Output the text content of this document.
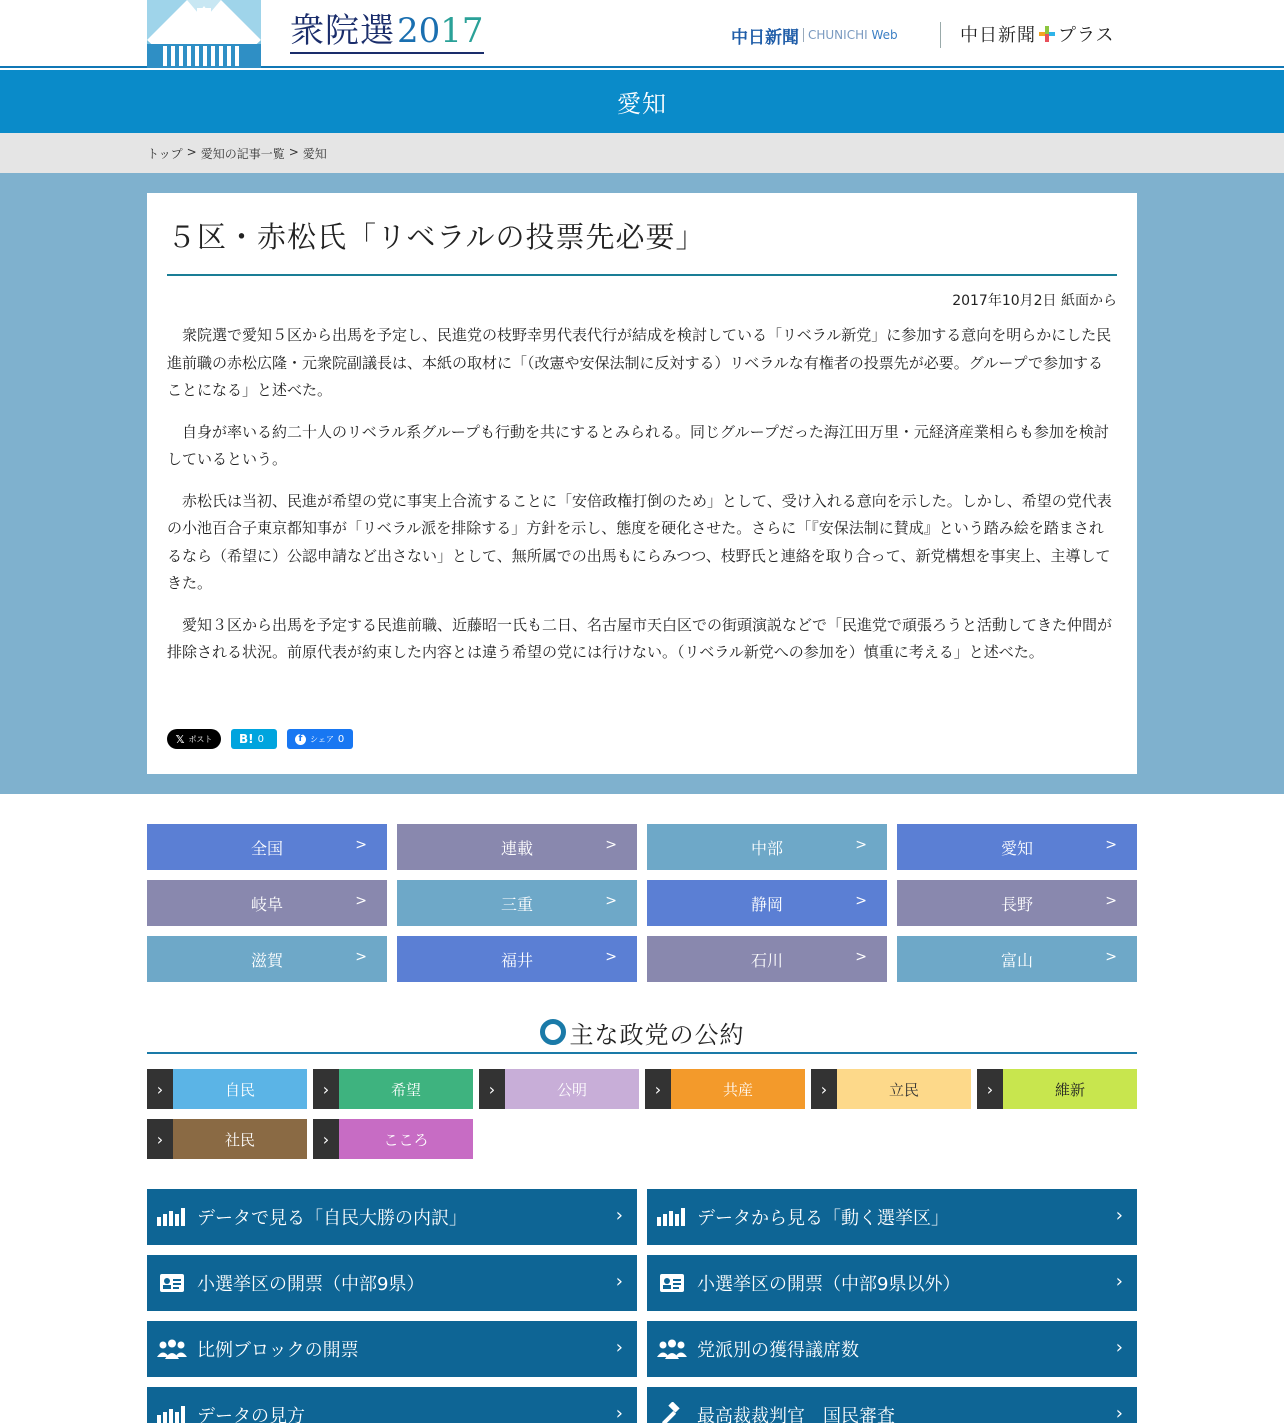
衆院選 2017	中日新聞 CHUNICHI Web	中日新聞 プラス
愛知
トップ > 愛知の記事一覧 > 愛知
５区・赤松氏「リベラルの投票先必要」
2017年10月2日 紙面から

衆院選で愛知５区から出馬を予定し、民進党の枝野幸男代表代行が結成を検討している「リベラル新党」に参加する意向を明らかにした民進前職の赤松広隆・元衆院副議長は、本紙の取材に「（改憲や安保法制に反対する）リベラルな有権者の投票先が必要。グループで参加することになる」と述べた。

自身が率いる約二十人のリベラル系グループも行動を共にするとみられる。同じグループだった海江田万里・元経済産業相らも参加を検討しているという。

赤松氏は当初、民進が希望の党に事実上合流することに「安倍政権打倒のため」として、受け入れる意向を示した。しかし、希望の党代表の小池百合子東京都知事が「リベラル派を排除する」方針を示し、態度を硬化させた。さらに「『安保法制に賛成』という踏み絵を踏まされるなら（希望に）公認申請など出さない」として、無所属での出馬もにらみつつ、枝野氏と連絡を取り合って、新党構想を事実上、主導してきた。

愛知３区から出馬を予定する民進前職、近藤昭一氏も二日、名古屋市天白区での街頭演説などで「民進党で頑張ろうと活動してきた仲間が排除される状況。前原代表が約束した内容とは違う希望の党には行けない。（リベラル新党への参加を）慎重に考える」と述べた。

𝕏 ポスト B! 0	f シェア 0
全国	>	連載	>	中部	>	愛知	>
岐阜	>	三重	>	静岡	>	長野	>
滋賀	>	福井	>	石川	>	富山	>
主な政党の公約
›	自民	›	希望	›	公明	›	共産	›	立民	›	維新
›	社民	›	こころ
データで見る「自民大勝の内訳」	›	データから見る「動く選挙区」	›
小選挙区の開票（中部9県）	›	小選挙区の開票（中部9県以外）	›
比例ブロックの開票	›	党派別の獲得議席数	›
データの見方	›	最高裁裁判官　国民審査	›
